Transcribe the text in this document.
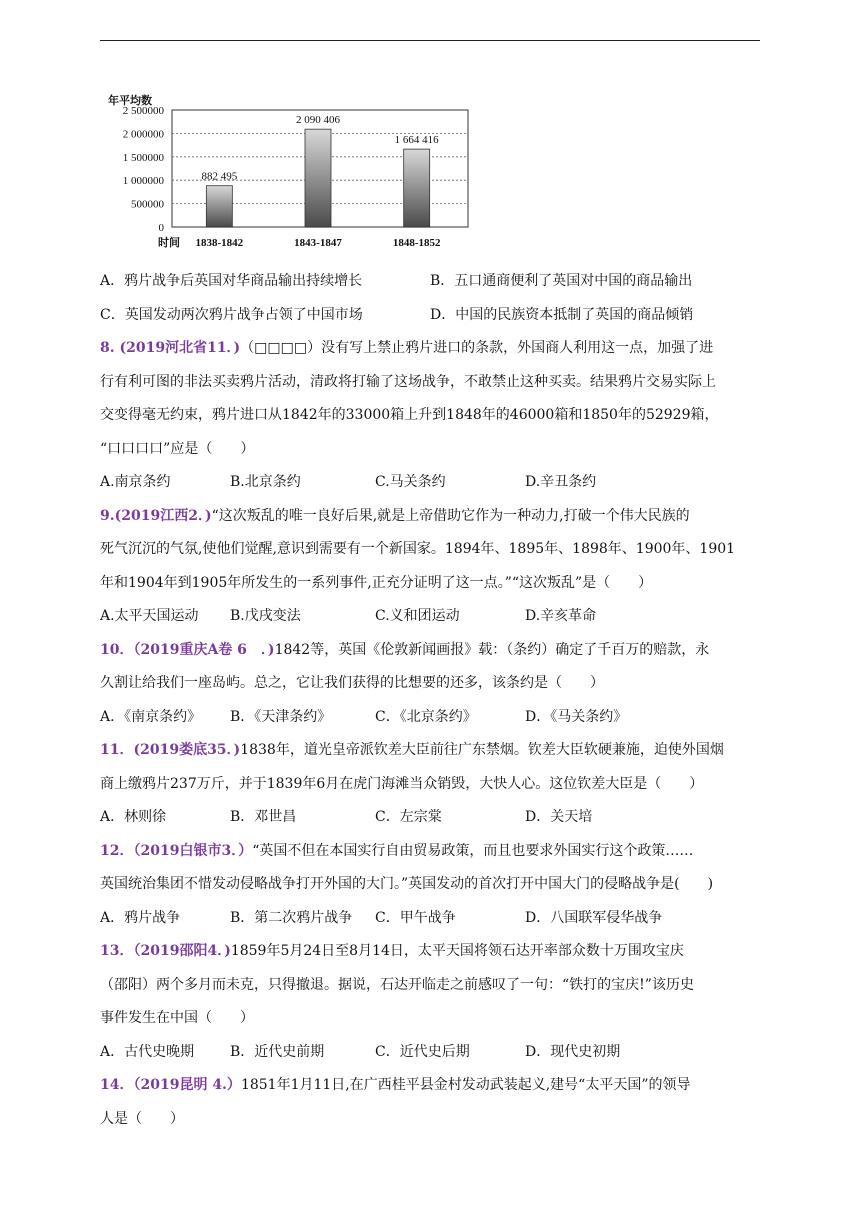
0
500000
1 000000
1 500000
2 000000
2 500000
年平均数
时间
882 495
1838-1842
2 090 406
1843-1847
1 664 416
1848-1852
A．鸦片战争后英国对华商品输出持续增长	B．五口通商便利了英国对中国的商品输出
C．英国发动两次鸦片战争占领了中国市场	D．中国的民族资本抵制了英国的商品倾销
8. (2019河北省11．)（□□□□）没有写上禁止鸦片进口的条款，外国商人利用这一点，加强了进
行有利可图的非法买卖鸦片活动，清政将打输了这场战争，不敢禁止这种买卖。结果鸦片交易实际上
交变得毫无约束，鸦片进口从1842年的33000箱上升到1848年的46000箱和1850年的52929箱，
“口口口口”应是（　　）
A.南京条约	B.北京条约	C.马关条约	D.辛丑条约
9.(2019江西2．)“这次叛乱的唯一良好后果,就是上帝借助它作为一种动力,打破一个伟大民族的
死气沉沉的气氛,使他们觉醒,意识到需要有一个新国家。1894年、1895年、1898年、1900年、1901
年和1904年到1905年所发生的一系列事件,正充分证明了这一点。”“这次叛乱”是（　　）
A.太平天国运动	B.戊戌变法	C.义和团运动	D.辛亥革命
10．（2019重庆A卷 6　．)1842等，英国《伦敦新闻画报》载：（条约）确定了千百万的赔款，永
久割让给我们一座岛屿。总之，它让我们获得的比想要的还多，该条约是（　　）
A．《南京条约》	B．《天津条约》	C．《北京条约》	D．《马关条约》
11．(2019娄底35．)1838年，道光皇帝派钦差大臣前往广东禁烟。钦差大臣软硬兼施，迫使外国烟
商上缴鸦片237万斤，并于1839年6月在虎门海滩当众销毁，大快人心。这位钦差大臣是（　　）
A．林则徐	B．邓世昌	C．左宗棠	D．关天培
12．（2019白银市3．）“英国不但在本国实行自由贸易政策，而且也要求外国实行这个政策……
英国统治集团不惜发动侵略战争打开外国的大门。”英国发动的首次打开中国大门的侵略战争是(　　)
A．鸦片战争	B．第二次鸦片战争	C．甲午战争	D．八国联军侵华战争
13．（2019邵阳4．)1859年5月24日至8月14日，太平天国将领石达开率部众数十万围攻宝庆
（邵阳）两个多月而未克，只得撤退。据说，石达开临走之前感叹了一句：“铁打的宝庆!”该历史
事件发生在中国（　　）
A．古代史晚期	B．近代史前期	C．近代史后期	D．现代史初期
14．（2019昆明 4.）1851年1月11日,在广西桂平县金村发动武装起义,建号“太平天国”的领导
人是（　　）
